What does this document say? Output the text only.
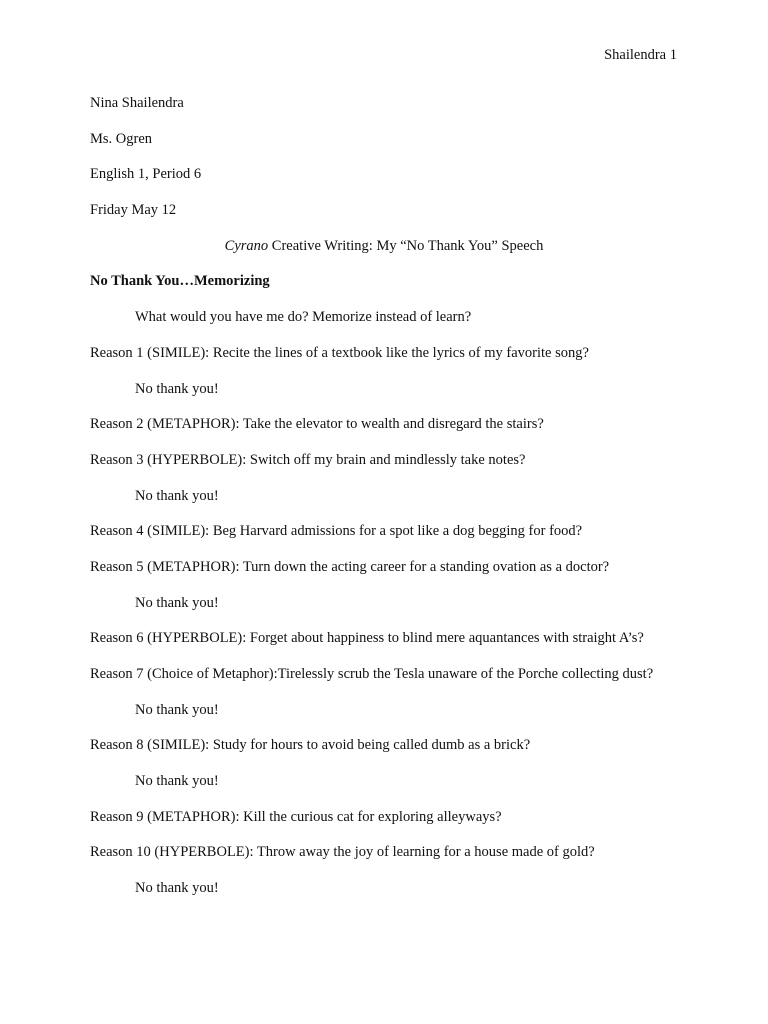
Shailendra 1
Nina Shailendra
Ms. Ogren
English 1, Period 6
Friday May 12
Cyrano Creative Writing: My “No Thank You” Speech
No Thank You…Memorizing
What would you have me do? Memorize instead of learn?
Reason 1 (SIMILE): Recite the lines of a textbook like the lyrics of my favorite song?
No thank you!
Reason 2 (METAPHOR): Take the elevator to wealth and disregard the stairs?
Reason 3 (HYPERBOLE): Switch off my brain and mindlessly take notes?
No thank you!
Reason 4 (SIMILE): Beg Harvard admissions for a spot like a dog begging for food?
Reason 5 (METAPHOR): Turn down the acting career for a standing ovation as a doctor?
No thank you!
Reason 6 (HYPERBOLE): Forget about happiness to blind mere aquantances with straight A’s?
Reason 7 (Choice of Metaphor):Tirelessly scrub the Tesla unaware of the Porche collecting dust?
No thank you!
Reason 8 (SIMILE): Study for hours to avoid being called dumb as a brick?
No thank you!
Reason 9 (METAPHOR): Kill the curious cat for exploring alleyways?
Reason 10 (HYPERBOLE): Throw away the joy of learning for a house made of gold?
No thank you!
